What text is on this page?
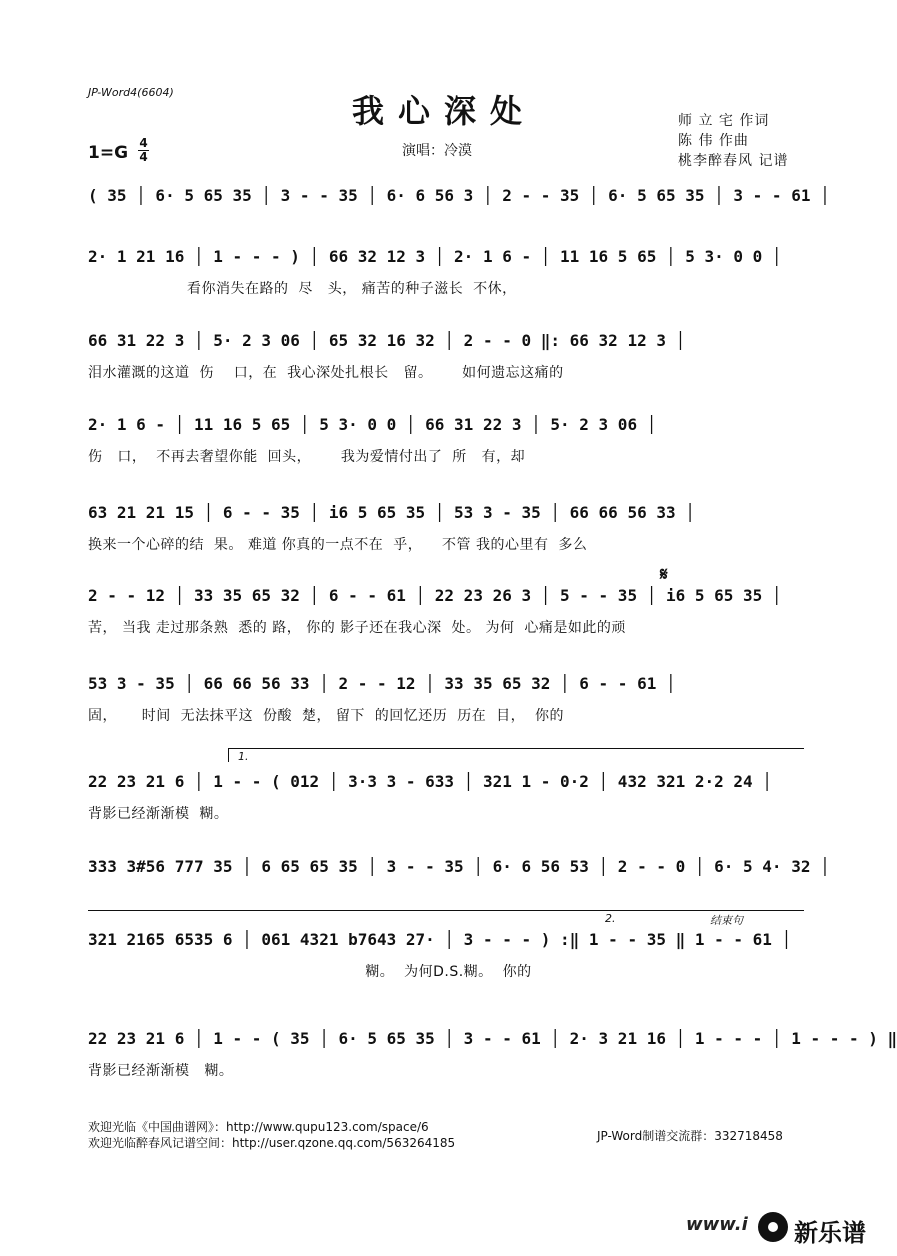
JP-Word4(6604)	我心深处
1=G 4
4	演唱：冷漠
师 立 宅 作词
陈 伟 作曲
桃李醉春风 记谱
( 35 │ 6· 5 65 35 │ 3 - - 35 │ 6· 6 56 3 │ 2 - - 35 │ 6· 5 65 35 │ 3 - - 61 │
2· 1 21 16 │ 1 - - - ) │ 66 32 12 3 │ 2· 1 6 - │ 11 16 5 65 │ 5 3· 0 0 │
看你消失在路的  尽   头， 痛苦的种子滋长  不休，
66 31 22 3 │ 5· 2 3 06 │ 65 32 16 32 │ 2 - - 0 ‖: 66 32 12 3 │
泪水灌溉的这道  伤    口，在  我心深处扎根长   留。      如何遗忘这痛的
2· 1 6 - │ 11 16 5 65 │ 5 3· 0 0 │ 66 31 22 3 │ 5· 2 3 06 │
伤   口，  不再去奢望你能  回头，      我为爱情付出了  所   有，却
63 21 21 15 │ 6 - - 35 │ i6 5 65 35 │ 53 3 - 35 │ 66 66 56 33 │
换来一个心碎的结  果。 难道 你真的一点不在  乎，    不管 我的心里有  多么
𝄋
2 - - 12 │ 33 35 65 32 │ 6 - - 61 │ 22 23 26 3 │ 5 - - 35 │ i6 5 65 35 │
苦， 当我 走过那条熟  悉的 路， 你的 影子还在我心深  处。 为何  心痛是如此的顽
53 3 - 35 │ 66 66 56 33 │ 2 - - 12 │ 33 35 65 32 │ 6 - - 61 │
固，     时间  无法抹平这  份酸  楚， 留下  的回忆还历  历在  目，  你的
1.
22 23 21 6 │ 1 - - ( 012 │ 3·3 3 - 633 │ 321 1 - 0·2 │ 432 321 2·2 24 │
背影已经渐渐模  糊。
333 3#56 777 35 │ 6 65 65 35 │ 3 - - 35 │ 6· 6 56 53 │ 2 - - 0 │ 6· 5 4· 32 │
2.	结束句
321 2165 6535 6 │ 061 4321 b7643 27· │ 3 - - - ) :‖ 1 - - 35 ‖ 1 - - 61 │
糊。  为何D.S.糊。  你的
22 23 21 6 │ 1 - - ( 35 │ 6· 5 65 35 │ 3 - - 61 │ 2· 3 21 16 │ 1 - - - │ 1 - - - ) ‖
背影已经渐渐模   糊。
欢迎光临《中国曲谱网》：http://www.qupu123.com/space/6
欢迎光临醉春风记谱空间：http://user.qzone.qq.com/563264185	JP-Word制谱交流群：332718458
www.i 新乐谱
